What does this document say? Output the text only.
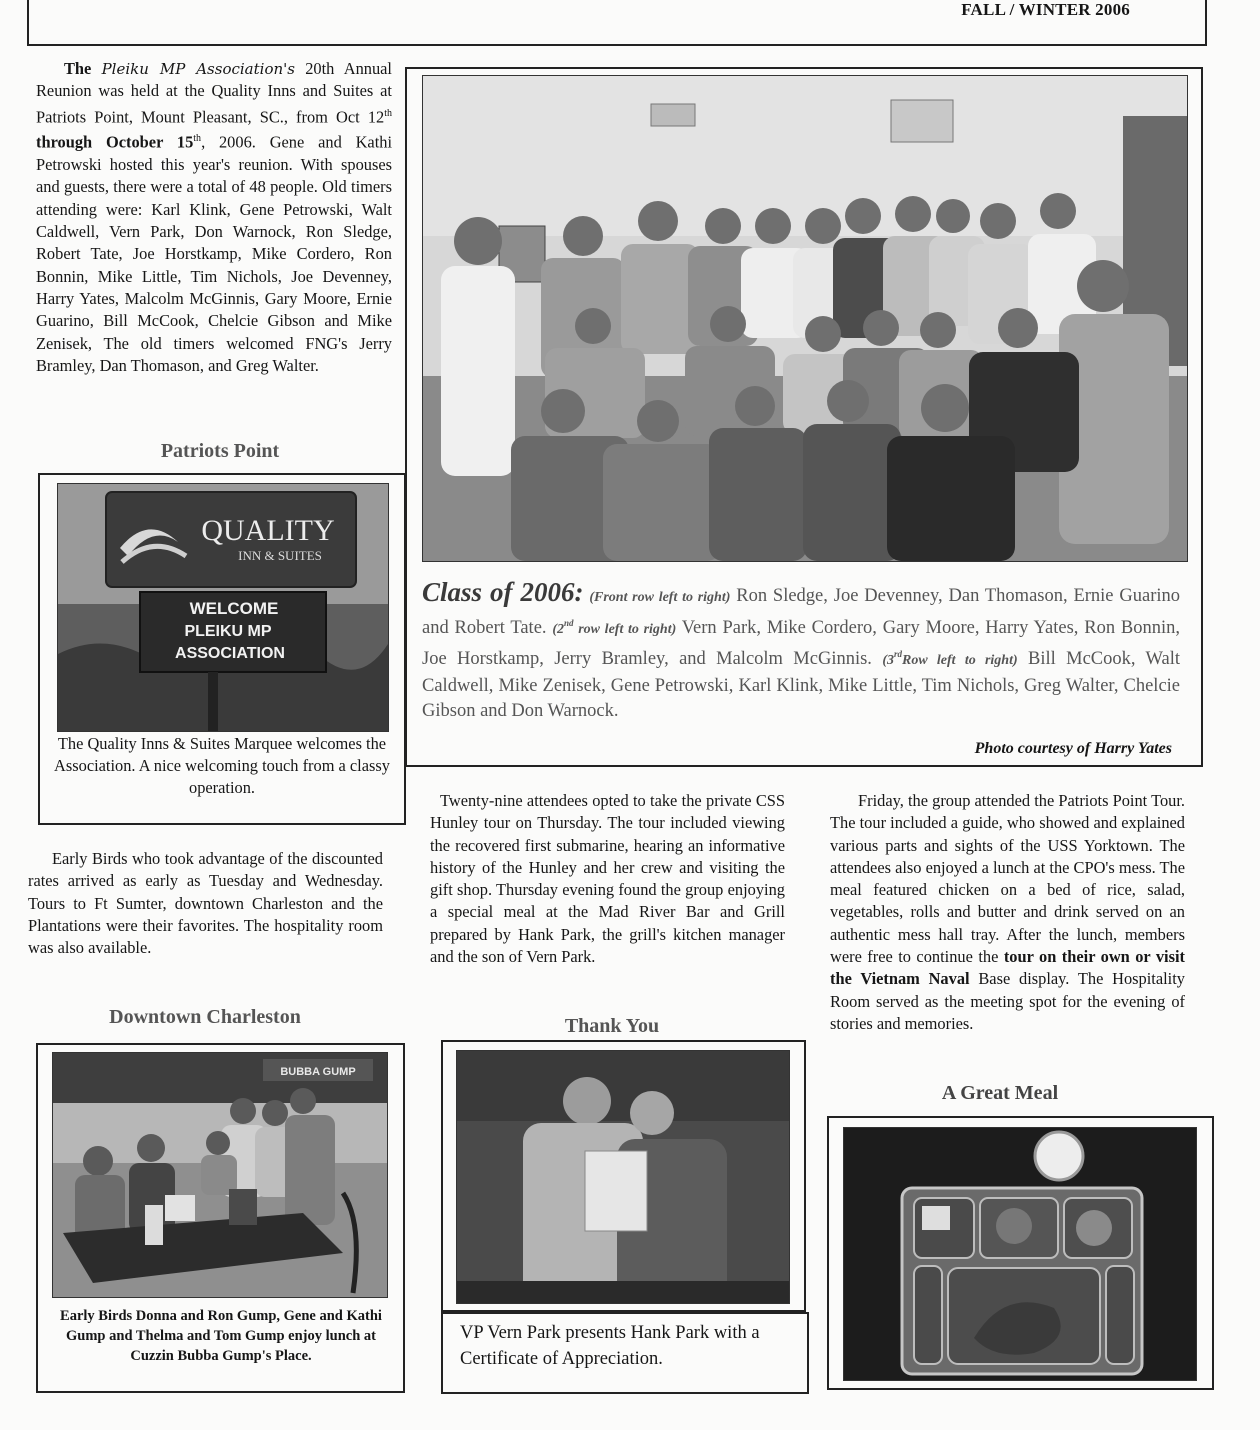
FALL / WINTER 2006
The Pleiku MP Association's 20th Annual Reunion was held at the Quality Inns and Suites at Patriots Point, Mount Pleasant, SC., from Oct 12th through October 15th, 2006. Gene and Kathi Petrowski hosted this year's reunion. With spouses and guests, there were a total of 48 people. Old timers attending were: Karl Klink, Gene Petrowski, Walt Caldwell, Vern Park, Don Warnock, Ron Sledge, Robert Tate, Joe Horstkamp, Mike Cordero, Ron Bonnin, Mike Little, Tim Nichols, Joe Devenney, Harry Yates, Malcolm McGinnis, Gary Moore, Ernie Guarino, Bill McCook, Chelcie Gibson and Mike Zenisek, The old timers welcomed FNG's Jerry Bramley, Dan Thomason, and Greg Walter.
Patriots Point
QUALITY
INN & SUITES
WELCOME
PLEIKU MP
ASSOCIATION
The Quality Inns & Suites Marquee welcomes the Association. A nice welcoming touch from a classy operation.
Class of 2006: (Front row left to right) Ron Sledge, Joe Devenney, Dan Thomason, Ernie Guarino and Robert Tate. (2nd row left to right) Vern Park, Mike Cordero, Gary Moore, Harry Yates, Ron Bonnin, Joe Horstkamp, Jerry Bramley, and Malcolm McGinnis. (3rdRow left to right) Bill McCook, Walt Caldwell, Mike Zenisek, Gene Petrowski, Karl Klink, Mike Little, Tim Nichols, Greg Walter, Chelcie Gibson and Don Warnock.
Photo courtesy of Harry Yates
Early Birds who took advantage of the discounted rates arrived as early as Tuesday and Wednesday. Tours to Ft Sumter, downtown Charleston and the Plantations were their favorites. The hospitality room was also available.
Downtown Charleston
BUBBA GUMP
Early Birds Donna and Ron Gump, Gene and Kathi Gump and Thelma and Tom Gump enjoy lunch at Cuzzin Bubba Gump's Place.
Twenty-nine attendees opted to take the private CSS Hunley tour on Thursday. The tour included viewing the recovered first submarine, hearing an informative history of the Hunley and her crew and visiting the gift shop. Thursday evening found the group enjoying a special meal at the Mad River Bar and Grill prepared by Hank Park, the grill's kitchen manager and the son of Vern Park.
Thank You
VP Vern Park presents Hank Park with a Certificate of Appreciation.
Friday, the group attended the Patriots Point Tour. The tour included a guide, who showed and explained various parts and sights of the USS Yorktown. The attendees also enjoyed a lunch at the CPO's mess. The meal featured chicken on a bed of rice, salad, vegetables, rolls and butter and drink served on an authentic mess hall tray. After the lunch, members were free to continue the tour on their own or visit the Vietnam Naval Base display. The Hospitality Room served as the meeting spot for the evening of stories and memories.
A Great Meal
